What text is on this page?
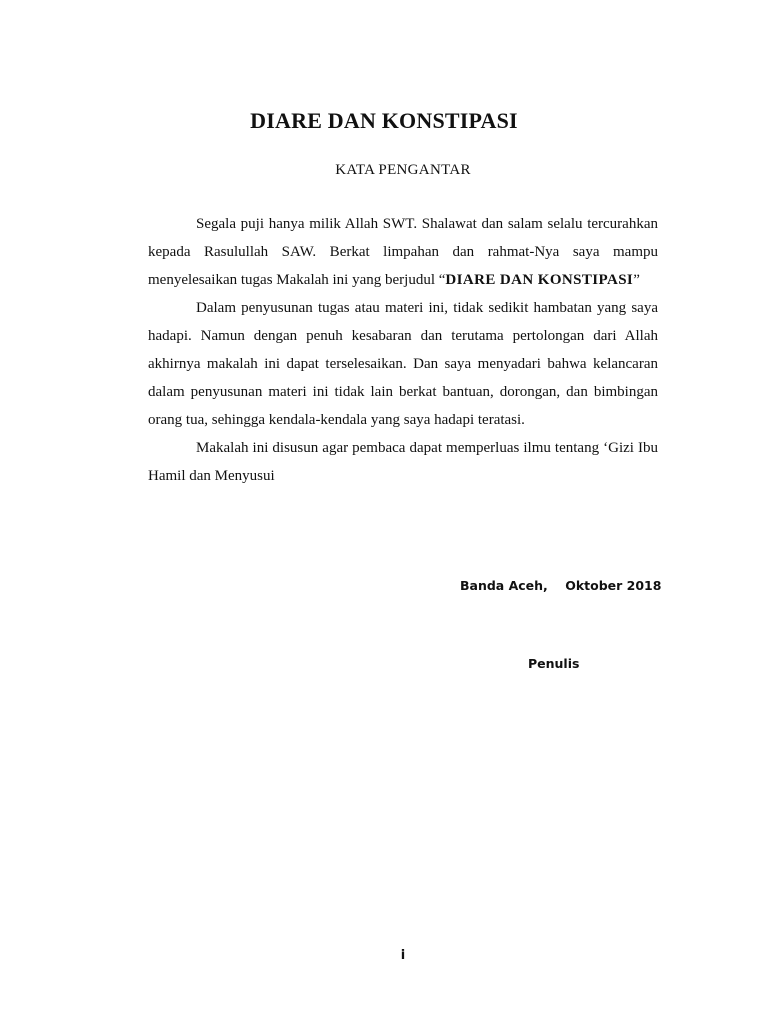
DIARE DAN KONSTIPASI
KATA PENGANTAR

Segala puji hanya milik Allah SWT. Shalawat dan salam selalu tercurahkan kepada Rasulullah SAW. Berkat limpahan dan rahmat-Nya saya mampu menyelesaikan tugas Makalah ini yang berjudul “DIARE DAN KONSTIPASI”

Dalam penyusunan tugas atau materi ini, tidak sedikit hambatan yang saya hadapi. Namun dengan penuh kesabaran dan terutama pertolongan dari Allah akhirnya makalah ini dapat terselesaikan. Dan saya menyadari bahwa kelancaran dalam penyusunan materi ini tidak lain berkat bantuan, dorongan, dan bimbingan orang tua, sehingga kendala-kendala yang saya hadapi teratasi.

Makalah ini disusun agar pembaca dapat memperluas ilmu tentang ‘Gizi Ibu Hamil dan Menyusui

Banda Aceh,    Oktober 2018
Penulis
i
